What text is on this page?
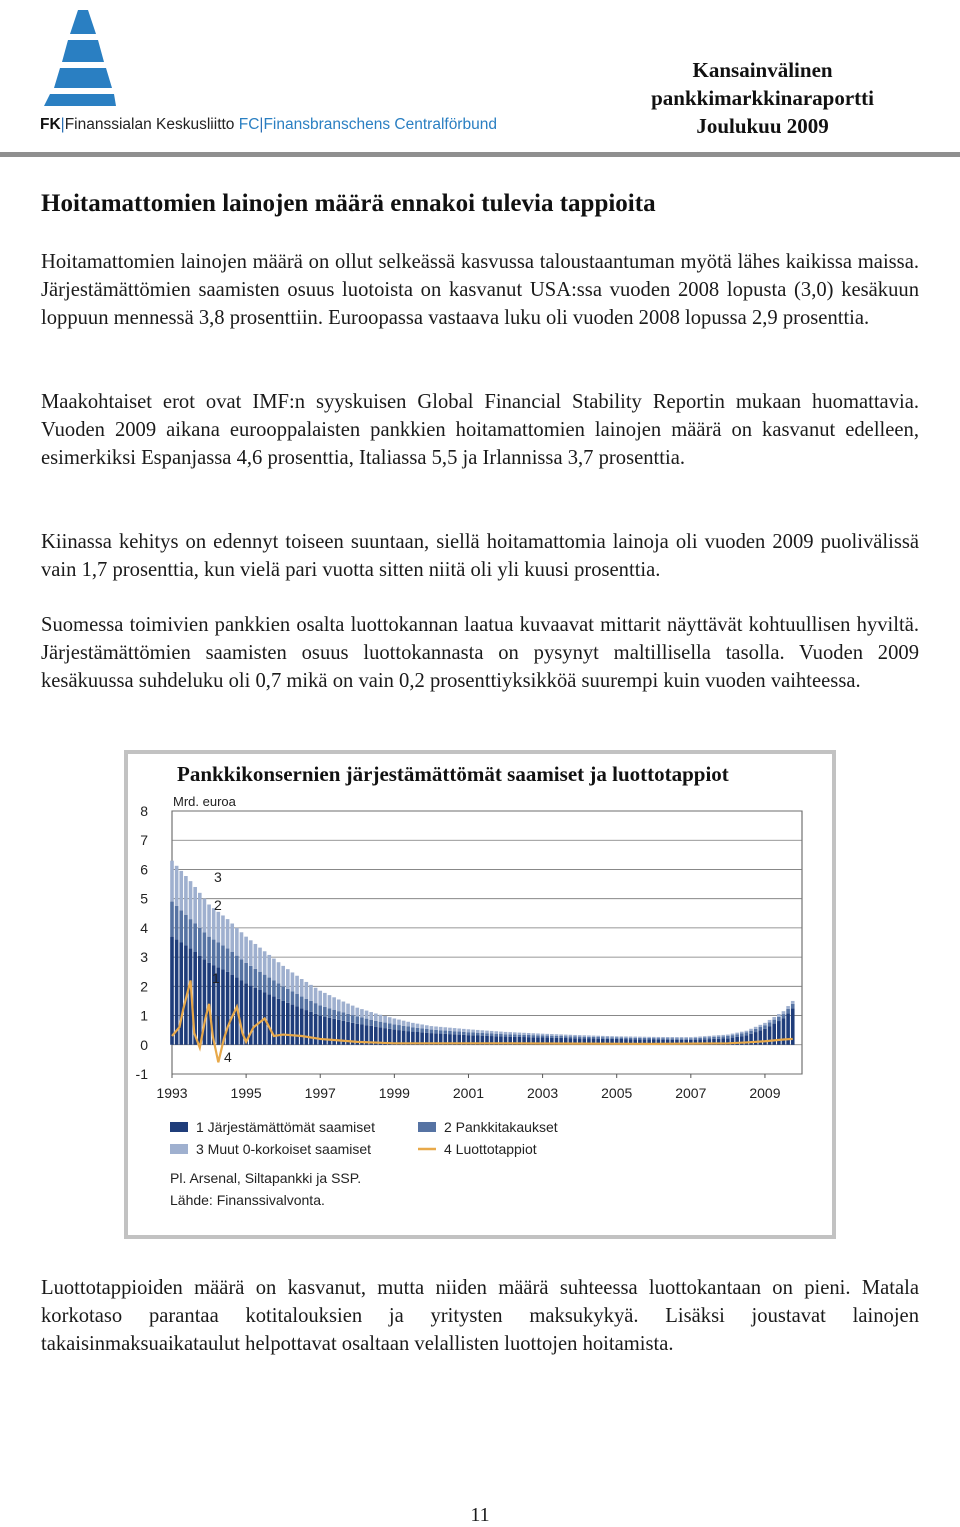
FK|Finanssialan Keskusliitto FC|Finansbranschens Centralförbund
Kansainvälinen
pankkimarkkinaraportti
Joulukuu 2009
Hoitamattomien lainojen määrä ennakoi tulevia tappioita

Hoitamattomien lainojen määrä on ollut selkeässä kasvussa taloustaantuman myötä lähes kaikissa maissa. Järjestämättömien saamisten osuus luotoista on kasvanut USA:ssa vuoden 2008 lopusta (3,0) kesäkuun loppuun mennessä 3,8 prosenttiin. Euroopassa vastaava luku oli vuoden 2008 lopussa 2,9 prosenttia.

Maakohtaiset erot ovat IMF:n syyskuisen Global Financial Stability Reportin mukaan huomattavia. Vuoden 2009 aikana eurooppalaisten pankkien hoitamattomien lainojen määrä on kasvanut edelleen, esimerkiksi Espanjassa 4,6 prosenttia, Italiassa 5,5 ja Irlannissa 3,7 prosenttia.

Kiinassa kehitys on edennyt toiseen suuntaan, siellä hoitamattomia lainoja oli vuoden 2009 puolivälissä vain 1,7 prosenttia, kun vielä pari vuotta sitten niitä oli yli kuusi prosenttia.

Suomessa toimivien pankkien osalta luottokannan laatua kuvaavat mittarit näyttävät kohtuullisen hyviltä. Järjestämättömien saamisten osuus luottokannasta on pysynyt maltillisella tasolla. Vuoden 2009 kesäkuussa suhdeluku oli 0,7 mikä on vain 0,2 prosenttiyksikköä suurempi kuin vuoden vaihteessa.

Pankkikonsernien järjestämättömät saamiset ja luottotappiot
8
7
6
5
4
3
2
1
0
-1
1993	1995	1997	1999	2001	2003	2005	2007	2009
Mrd. euroa
3
2
1
4
1 Järjestämättömät saamiset	2 Pankkitakaukset
3 Muut 0-korkoiset saamiset	4 Luottotappiot
Pl. Arsenal, Siltapankki ja SSP.
Lähde: Finanssivalvonta.

Luottotappioiden määrä on kasvanut, mutta niiden määrä suhteessa luottokantaan on pieni. Matala korkotaso parantaa kotitalouksien ja yritysten maksukykyä. Lisäksi joustavat lainojen takaisinmaksuaikataulut helpottavat osaltaan velallisten luottojen hoitamista.

11
